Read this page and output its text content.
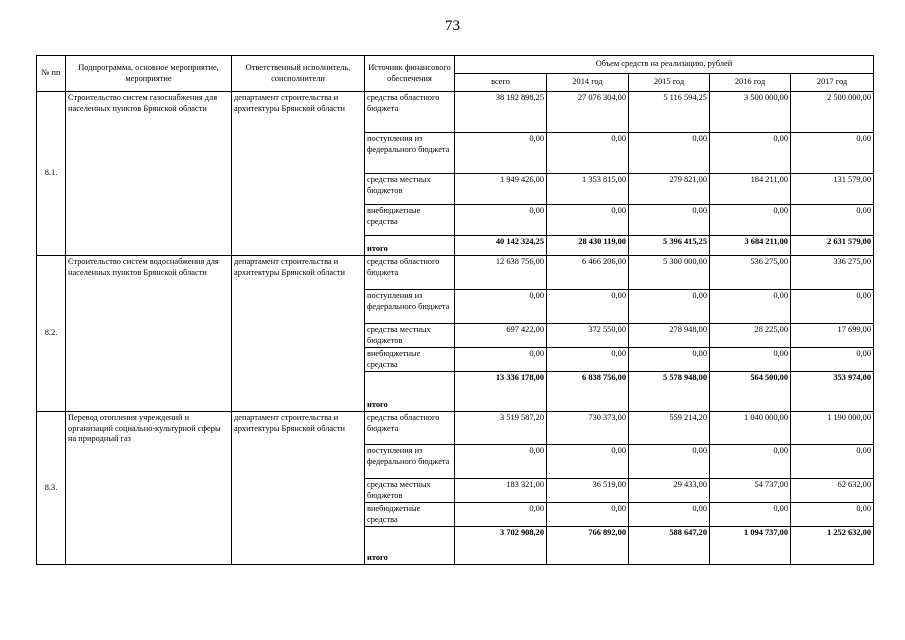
73
№ пп	Подпрограмма, основное мероприятие, мероприятие	Ответственный исполнитель, соисполнители	Источник финансового обеспечения	Объем средств на реализацию, рублей				
				всего	2014 год	2015 год	2016 год	2017 год
8.1.	Строительство систем газоснабжения для населенных пунктов Брянской области	департамент строительства и архитектуры Брянской области	средства областного бюджета	38 192 898,25	27 076 304,00	5 116 594,25	3 500 000,00	2 500 000,00
			поступления из федерального бюджета	0,00	0,00	0,00	0,00	0,00
			средства местных бюджетов	1 949 426,00	1 353 815,00	279 821,00	184 211,00	131 579,00
			внебюджетные средства	0,00	0,00	0,00	0,00	0,00
			итого	40 142 324,25	28 430 119,00	5 396 415,25	3 684 211,00	2 631 579,00
8.2.	Строительство систем водоснабжения для населенных пунктов Брянской области	департамент строительства и архитектуры Брянской области	средства областного бюджета	12 638 756,00	6 466 206,00	5 300 000,00	536 275,00	336 275,00
			поступления из федерального бюджета	0,00	0,00	0,00	0,00	0,00
			средства местных бюджетов	697 422,00	372 550,00	278 948,00	28 225,00	17 699,00
			внебюджетные средства	0,00	0,00	0,00	0,00	0,00
			итого	13 336 178,00	6 838 756,00	5 578 948,00	564 500,00	353 974,00
8.3.	Перевод отопления учреждений и организаций социально-культурной сферы на природный газ	департамент строительства и архитектуры Брянской области	средства областного бюджета	3 519 587,20	730 373,00	559 214,20	1 040 000,00	1 190 000,00
			поступления из федерального бюджета	0,00	0,00	0,00	0,00	0,00
			средства местных бюджетов	183 321,00	36 519,00	29 433,00	54 737,00	62 632,00
			внебюджетные средства	0,00	0,00	0,00	0,00	0,00
			итого	3 702 908,20	766 892,00	588 647,20	1 094 737,00	1 252 632,00
